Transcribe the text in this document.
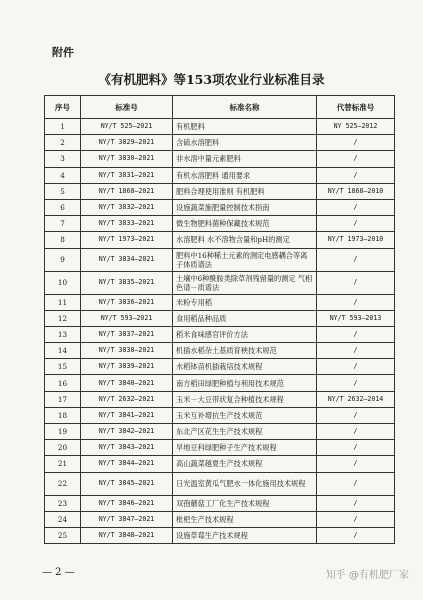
附件
《有机肥料》等153项农业行业标准目录
序号	标准号	标准名称	代替标准号
1	NY/T 525—2021	有机肥料	NY 525—2012
2	NY/T 3829—2021	含硫水溶肥料	/
3	NY/T 3830—2021	非水溶中量元素肥料	/
4	NY/T 3831—2021	有机水溶肥料 通用要求	/
5	NY/T 1868—2021	肥料合理使用准则 有机肥料	NY/T 1868—2010
6	NY/T 3832—2021	设施蔬菜施肥量控制技术指南	/
7	NY/T 3833—2021	微生物肥料菌种保藏技术规范	/
8	NY/T 1973—2021	水溶肥料 水不溶物含量和pH的测定	NY/T 1973—2010
9	NY/T 3834—2021	肥料中16种稀土元素的测定电感耦合等离子体质谱法	/
10	NY/T 3835—2021	土壤中6种酰胺类除草剂残留量的测定 气相色谱－质谱法	/
11	NY/T 3836—2021	米粉专用稻	/
12	NY/T 593—2021	食用稻品种品质	NY/T 593—2013
13	NY/T 3837—2021	稻米食味感官评价方法	/
14	NY/T 3838—2021	机插水稻杂土基质育秧技术规范	/
15	NY/T 3839—2021	水稻钵苗机插栽培技术规程	/
16	NY/T 3840—2021	南方稻田绿肥种植与利用技术规范	/
17	NY/T 2632—2021	玉米－大豆带状复合种植技术规程	NY/T 2632—2014
18	NY/T 3841—2021	玉米互补增抗生产技术规范	/
19	NY/T 3842—2021	东北产区花生生产技术规程	/
20	NY/T 3843—2021	旱地豆科绿肥种子生产技术规程	/
21	NY/T 3844—2021	高山蔬菜越夏生产技术规程	/
22	NY/T 3845—2021	日光温室黄瓜气肥水一体化施用技术规程	/
23	NY/T 3846—2021	双孢蘑菇工厂化生产技术规程	/
24	NY/T 3847—2021	枇杷生产技术规程	/
25	NY/T 3848—2021	设施草莓生产技术规程	/
— 2 —	知乎 @有机肥厂家
